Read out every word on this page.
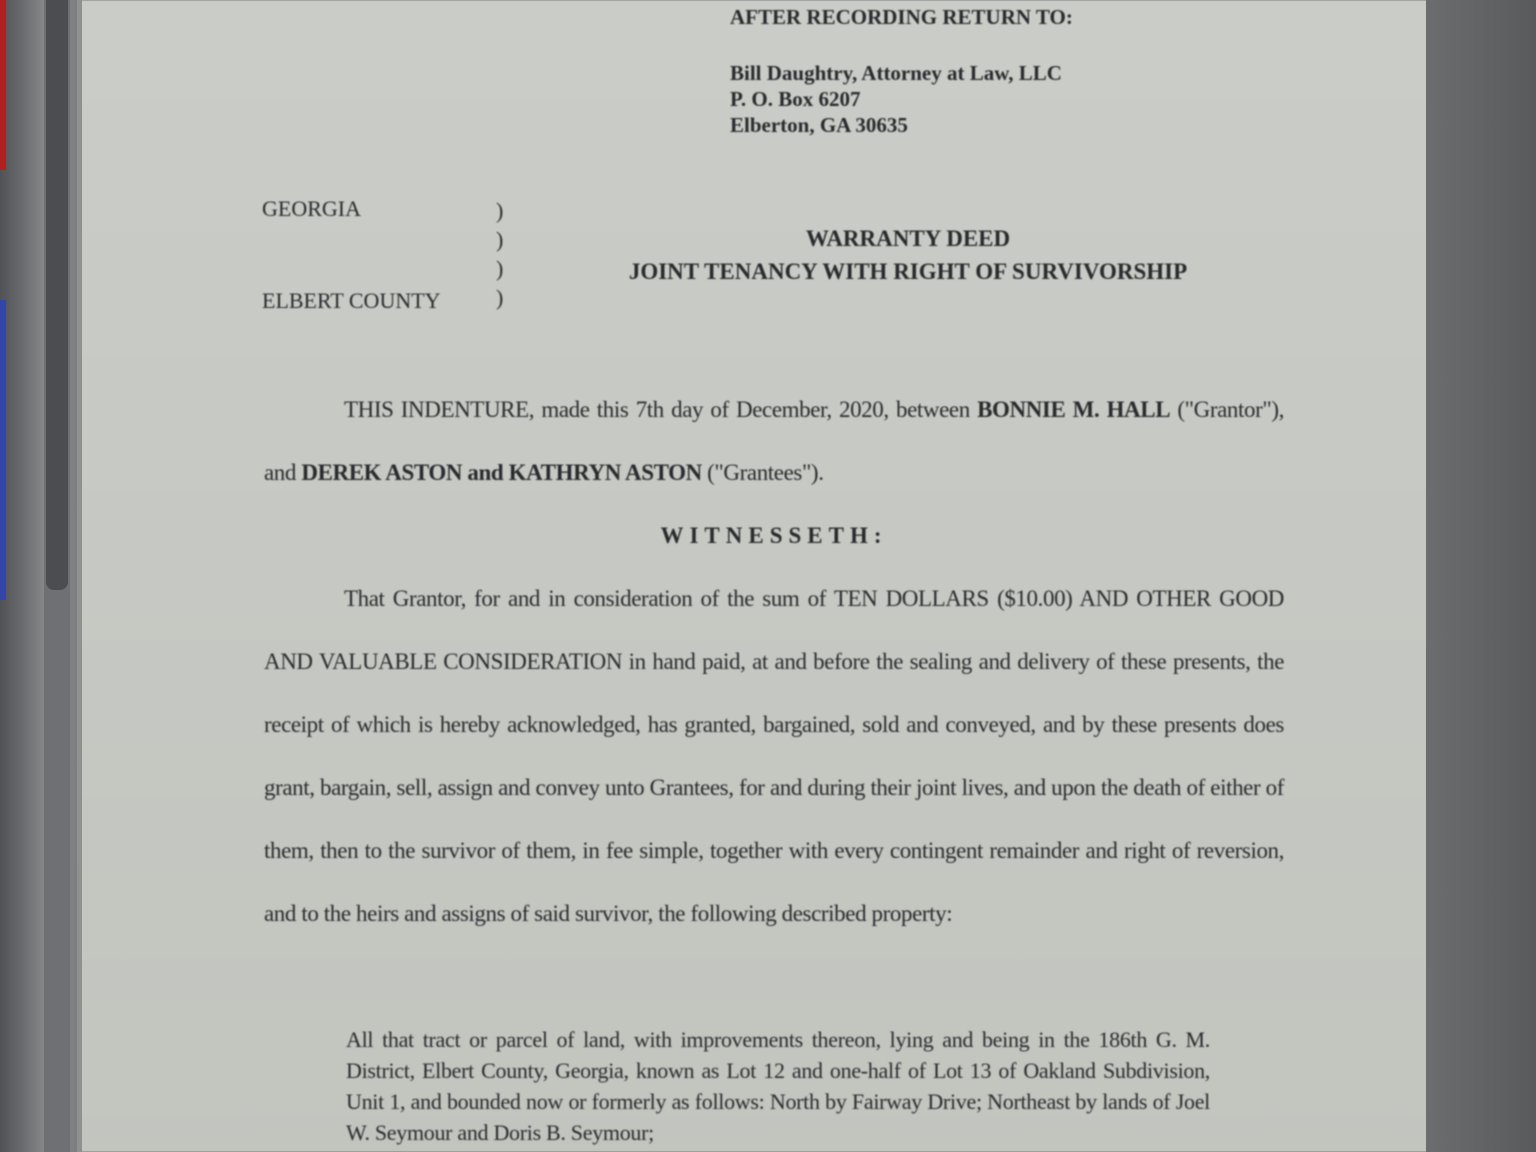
AFTER RECORDING RETURN TO:
Bill Daughtry, Attorney at Law, LLC
P. O. Box 6207
Elberton, GA 30635
GEORGIA
ELBERT COUNTY
)
)
)
)
WARRANTY DEED
JOINT TENANCY WITH RIGHT OF SURVIVORSHIP

THIS INDENTURE, made this 7th day of December, 2020, between BONNIE M. HALL ("Grantor"), and DEREK ASTON and KATHRYN ASTON ("Grantees").

WITNESSETH:

That Grantor, for and in consideration of the sum of TEN DOLLARS ($10.00) AND OTHER GOOD AND VALUABLE CONSIDERATION in hand paid, at and before the sealing and delivery of these presents, the receipt of which is hereby acknowledged, has granted, bargained, sold and conveyed, and by these presents does grant, bargain, sell, assign and convey unto Grantees, for and during their joint lives, and upon the death of either of them, then to the survivor of them, in fee simple, together with every contingent remainder and right of reversion, and to the heirs and assigns of said survivor, the following described property:

All that tract or parcel of land, with improvements thereon, lying and being in the 186th G. M. District, Elbert County, Georgia, known as Lot 12 and one-half of Lot 13 of Oakland Subdivision, Unit 1, and bounded now or formerly as follows: North by Fairway Drive; Northeast by lands of Joel W. Seymour and Doris B. Seymour;
